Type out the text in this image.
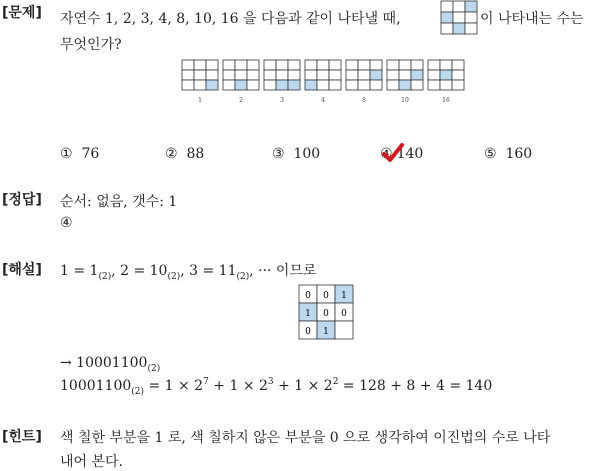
[문제]
[정답]
[해설]
[힌트]
자연수 1, 2, 3, 4, 8, 10, 16 을 다음과 같이 나타낼 때,	이 나타내는 수는
무엇인가?
1	2	3	4	8	10	16
① 76	② 88	③ 100	④ 140	⑤ 160
순서: 없음, 갯수: 1
④
$1 = 1_{(2)}$, $2 = 10_{(2)}$, $3 = 11_{(2)}$, ··· 이므로
0 0 1
1 0 0
0 1
→ $10001100_{(2)}$
$10001100_{(2)} = 1 \times 2^7 + 1 \times 2^3 + 1 \times 2^2 = 128 + 8 + 4 = 140$
색 칠한 부분을 1 로, 색 칠하지 않은 부분을 0 으로 생각하여 이진법의 수로 나타
내어 본다.
